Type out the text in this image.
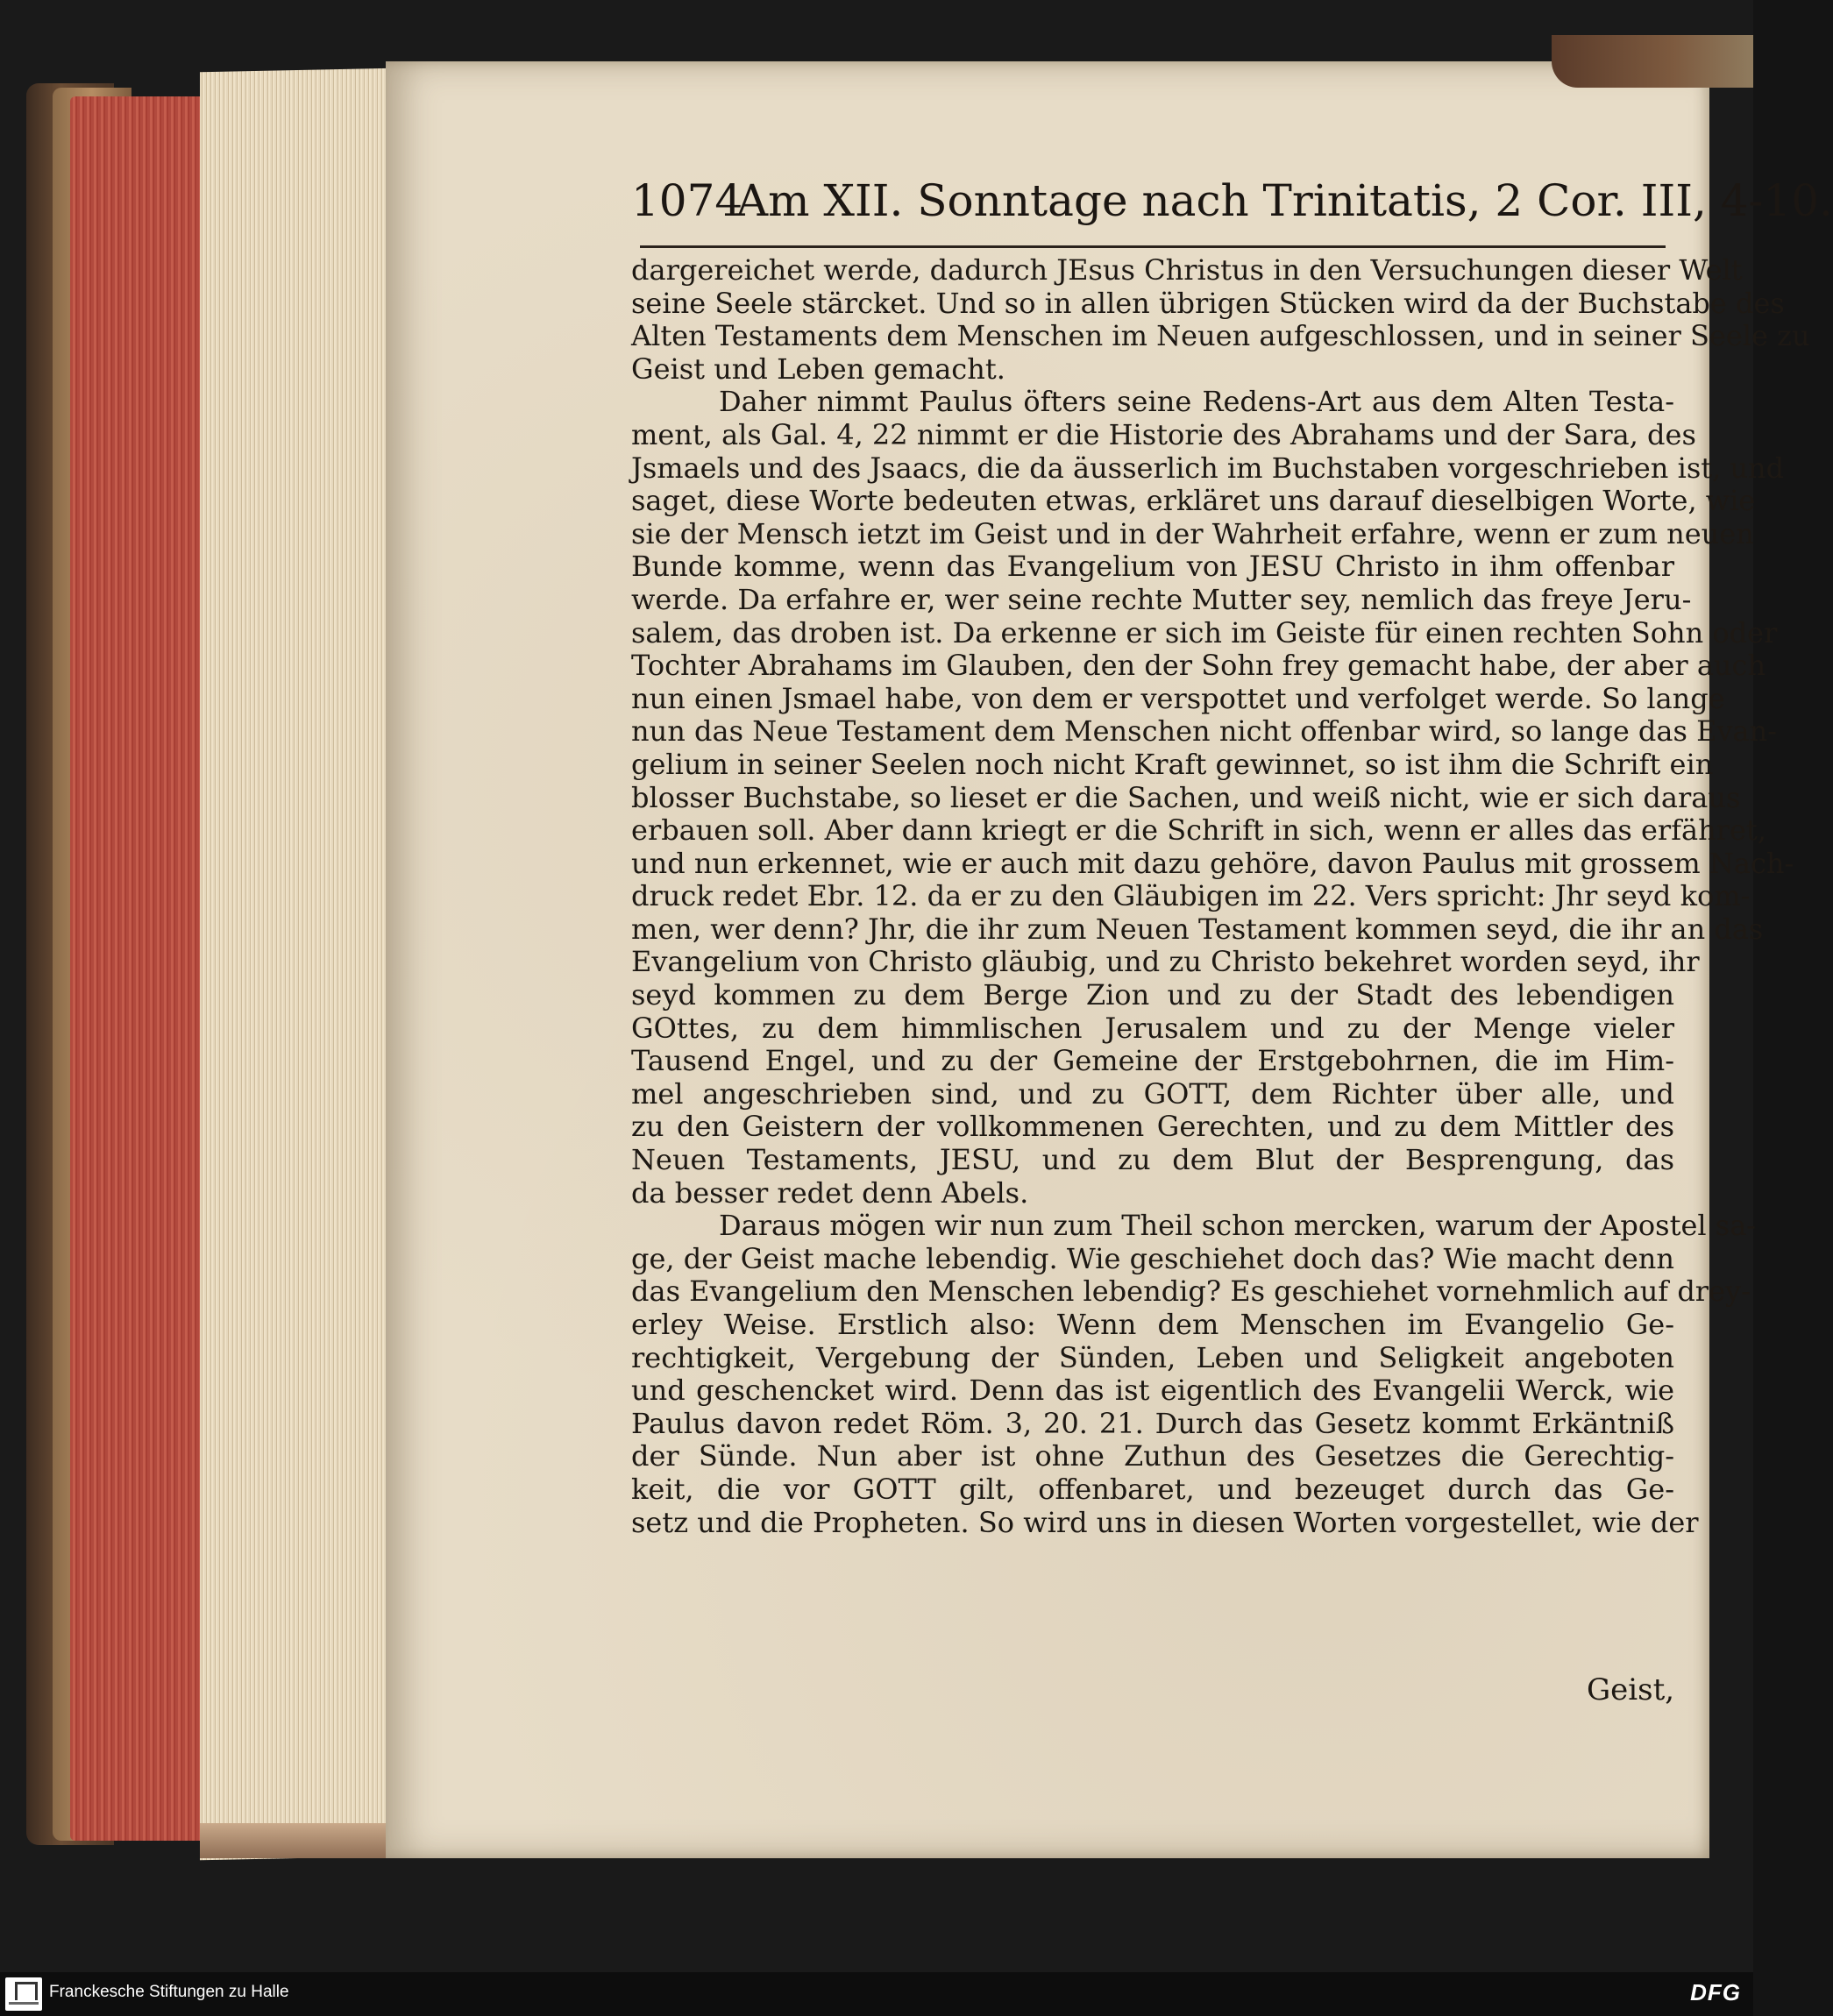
1074
Am XII. Sonntage nach Trinitatis, 2 Cor. III, 4-10.
dargereichet werde, dadurch JEsus Christus in den Versuchungen dieser Welt
seine Seele stärcket. Und so in allen übrigen Stücken wird da der Buchstabe des
Alten Testaments dem Menschen im Neuen aufgeschlossen, und in seiner Seele zu
Geist und Leben gemacht.
Daher nimmt Paulus öfters seine Redens-Art aus dem Alten Testa-
ment, als Gal. 4, 22 nimmt er die Historie des Abrahams und der Sara, des
Jsmaels und des Jsaacs, die da äusserlich im Buchstaben vorgeschrieben ist, und
saget, diese Worte bedeuten etwas, erkläret uns darauf dieselbigen Worte, wie
sie der Mensch ietzt im Geist und in der Wahrheit erfahre, wenn er zum neuen
Bunde komme, wenn das Evangelium von JESU Christo in ihm offenbar
werde. Da erfahre er, wer seine rechte Mutter sey, nemlich das freye Jeru-
salem, das droben ist. Da erkenne er sich im Geiste für einen rechten Sohn oder
Tochter Abrahams im Glauben, den der Sohn frey gemacht habe, der aber auch
nun einen Jsmael habe, von dem er verspottet und verfolget werde. So lange
nun das Neue Testament dem Menschen nicht offenbar wird, so lange das Evan-
gelium in seiner Seelen noch nicht Kraft gewinnet, so ist ihm die Schrift ein
blosser Buchstabe, so lieset er die Sachen, und weiß nicht, wie er sich daraus
erbauen soll. Aber dann kriegt er die Schrift in sich, wenn er alles das erfähret,
und nun erkennet, wie er auch mit dazu gehöre, davon Paulus mit grossem Nach-
druck redet Ebr. 12. da er zu den Gläubigen im 22. Vers spricht: Jhr seyd kom-
men, wer denn? Jhr, die ihr zum Neuen Testament kommen seyd, die ihr an das
Evangelium von Christo gläubig, und zu Christo bekehret worden seyd, ihr
seyd kommen zu dem Berge Zion und zu der Stadt des lebendigen
GOttes, zu dem himmlischen Jerusalem und zu der Menge vieler
Tausend Engel, und zu der Gemeine der Erstgebohrnen, die im Him-
mel angeschrieben sind, und zu GOTT, dem Richter über alle, und
zu den Geistern der vollkommenen Gerechten, und zu dem Mittler des
Neuen Testaments, JESU, und zu dem Blut der Besprengung, das
da besser redet denn Abels.
Daraus mögen wir nun zum Theil schon mercken, warum der Apostel sa-
ge, der Geist mache lebendig. Wie geschiehet doch das? Wie macht denn
das Evangelium den Menschen lebendig? Es geschiehet vornehmlich auf drey-
erley Weise. Erstlich also: Wenn dem Menschen im Evangelio Ge-
rechtigkeit, Vergebung der Sünden, Leben und Seligkeit angeboten
und geschencket wird. Denn das ist eigentlich des Evangelii Werck, wie
Paulus davon redet Röm. 3, 20. 21. Durch das Gesetz kommt Erkäntniß
der Sünde. Nun aber ist ohne Zuthun des Gesetzes die Gerechtig-
keit, die vor GOTT gilt, offenbaret, und bezeuget durch das Ge-
setz und die Propheten. So wird uns in diesen Worten vorgestellet, wie der
Geist,
Franckesche Stiftungen zu Halle	DFG
